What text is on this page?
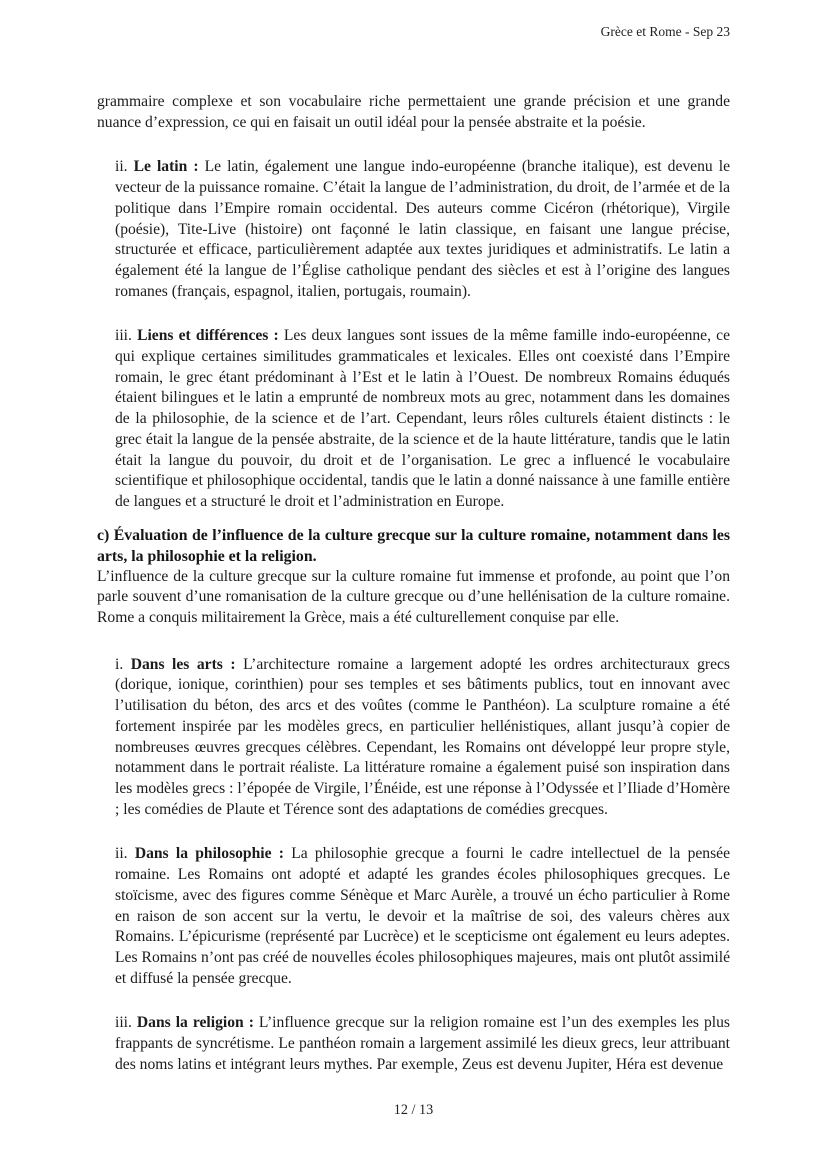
Grèce et Rome - Sep 23

grammaire complexe et son vocabulaire riche permettaient une grande précision et une grande nuance d’expression, ce qui en faisait un outil idéal pour la pensée abstraite et la poésie.

ii. Le latin : Le latin, également une langue indo-européenne (branche italique), est devenu le vecteur de la puissance romaine. C’était la langue de l’administration, du droit, de l’armée et de la politique dans l’Empire romain occidental. Des auteurs comme Cicéron (rhétorique), Virgile (poésie), Tite-Live (histoire) ont façonné le latin classique, en faisant une langue précise, structurée et efficace, particulièrement adaptée aux textes juridiques et administratifs. Le latin a également été la langue de l’Église catholique pendant des siècles et est à l’origine des langues romanes (français, espagnol, italien, portugais, roumain).

iii. Liens et différences : Les deux langues sont issues de la même famille indo-européenne, ce qui explique certaines similitudes grammaticales et lexicales. Elles ont coexisté dans l’Empire romain, le grec étant prédominant à l’Est et le latin à l’Ouest. De nombreux Romains éduqués étaient bilingues et le latin a emprunté de nombreux mots au grec, notamment dans les domaines de la philosophie, de la science et de l’art. Cependant, leurs rôles culturels étaient distincts : le grec était la langue de la pensée abstraite, de la science et de la haute littérature, tandis que le latin était la langue du pouvoir, du droit et de l’organisation. Le grec a influencé le vocabulaire scientifique et philosophique occidental, tandis que le latin a donné naissance à une famille entière de langues et a structuré le droit et l’administration en Europe.

c) Évaluation de l’influence de la culture grecque sur la culture romaine, notamment dans les arts, la philosophie et la religion.

L’influence de la culture grecque sur la culture romaine fut immense et profonde, au point que l’on parle souvent d’une romanisation de la culture grecque ou d’une hellénisation de la culture romaine. Rome a conquis militairement la Grèce, mais a été culturellement conquise par elle.

i. Dans les arts : L’architecture romaine a largement adopté les ordres architecturaux grecs (dorique, ionique, corinthien) pour ses temples et ses bâtiments publics, tout en innovant avec l’utilisation du béton, des arcs et des voûtes (comme le Panthéon). La sculpture romaine a été fortement inspirée par les modèles grecs, en particulier hellénistiques, allant jusqu’à copier de nombreuses œuvres grecques célèbres. Cependant, les Romains ont développé leur propre style, notamment dans le portrait réaliste. La littérature romaine a également puisé son inspiration dans les modèles grecs : l’épopée de Virgile, l’Énéide, est une réponse à l’Odyssée et l’Iliade d’Homère ; les comédies de Plaute et Térence sont des adaptations de comédies grecques.

ii. Dans la philosophie : La philosophie grecque a fourni le cadre intellectuel de la pensée romaine. Les Romains ont adopté et adapté les grandes écoles philosophiques grecques. Le stoïcisme, avec des figures comme Sénèque et Marc Aurèle, a trouvé un écho particulier à Rome en raison de son accent sur la vertu, le devoir et la maîtrise de soi, des valeurs chères aux Romains. L’épicurisme (représenté par Lucrèce) et le scepticisme ont également eu leurs adeptes. Les Romains n’ont pas créé de nouvelles écoles philosophiques majeures, mais ont plutôt assimilé et diffusé la pensée grecque.

iii. Dans la religion : L’influence grecque sur la religion romaine est l’un des exemples les plus frappants de syncrétisme. Le panthéon romain a largement assimilé les dieux grecs, leur attribuant des noms latins et intégrant leurs mythes. Par exemple, Zeus est devenu Jupiter, Héra est devenue

12 / 13
